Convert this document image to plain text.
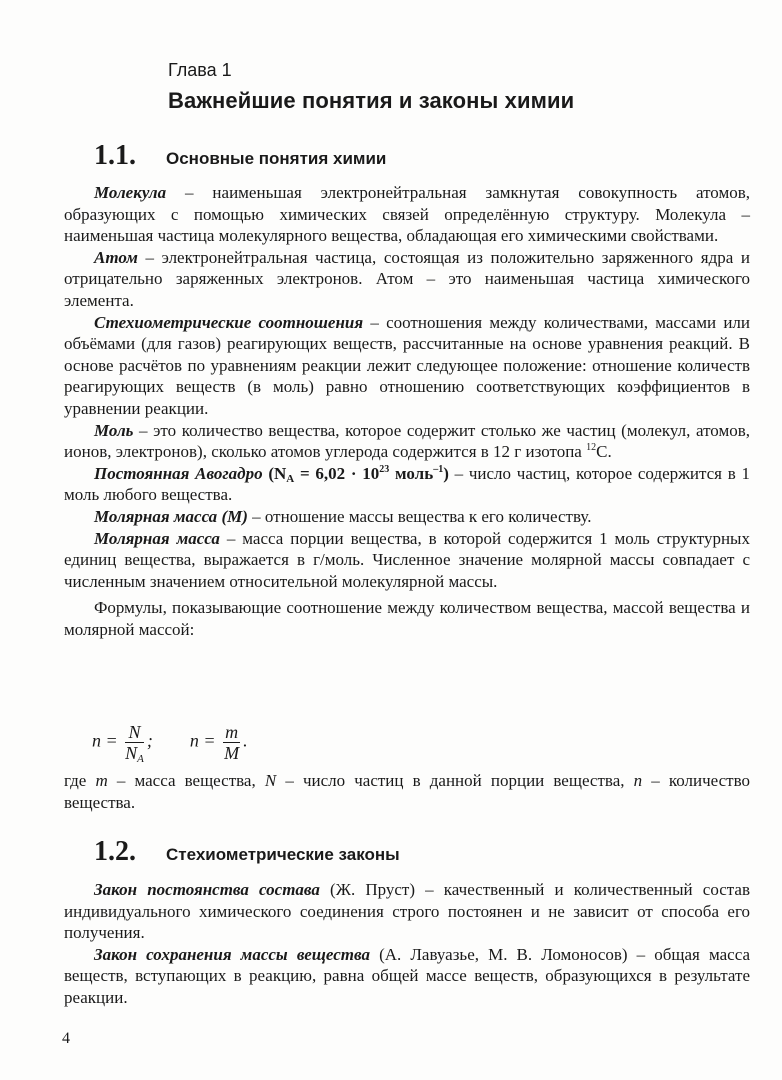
Глава 1
Важнейшие понятия и законы химии
1.1. Основные понятия химии

Молекула – наименьшая электронейтральная замкнутая совокупность атомов, образующих с помощью химических связей определённую структуру. Молекула – наименьшая частица молекулярного вещества, обладающая его химическими свойствами.

Атом – электронейтральная частица, состоящая из положительно заряженного ядра и отрицательно заряженных электронов. Атом – это наименьшая частица химического элемента.

Стехиометрические соотношения – соотношения между количествами, массами или объёмами (для газов) реагирующих веществ, рассчитанные на основе уравнения реакций. В основе расчётов по уравнениям реакции лежит следующее положение: отношение количеств реагирующих веществ (в моль) равно отношению соответствующих коэффициентов в уравнении реакции.

Моль – это количество вещества, которое содержит столько же частиц (молекул, атомов, ионов, электронов), сколько атомов углерода содержится в 12 г изотопа $^{12}$С.

Постоянная Авогадро ($N_A = 6,02 \cdot 10^{23}$ моль$^{-1}$) – число частиц, которое содержится в 1 моль любого вещества.

Молярная масса (M) – отношение массы вещества к его количеству.

Молярная масса – масса порции вещества, в которой содержится 1 моль структурных единиц вещества, выражается в г/моль. Численное значение молярной массы совпадает с численным значением относительной молекулярной массы.

Формулы, показывающие соотношение между количеством вещества, массой вещества и молярной массой:

$n = \frac{N}{N_A}$ ; $n = \frac{m}{M}$ .

где m – масса вещества, N – число частиц в данной порции вещества, n – количество вещества.

1.2. Стехиометрические законы

Закон постоянства состава (Ж. Пруст) – качественный и количественный состав индивидуального химического соединения строго постоянен и не зависит от способа его получения.

Закон сохранения массы вещества (А. Лавуазье, М. В. Ломоносов) – общая масса веществ, вступающих в реакцию, равна общей массе веществ, образующихся в результате реакции.

4
